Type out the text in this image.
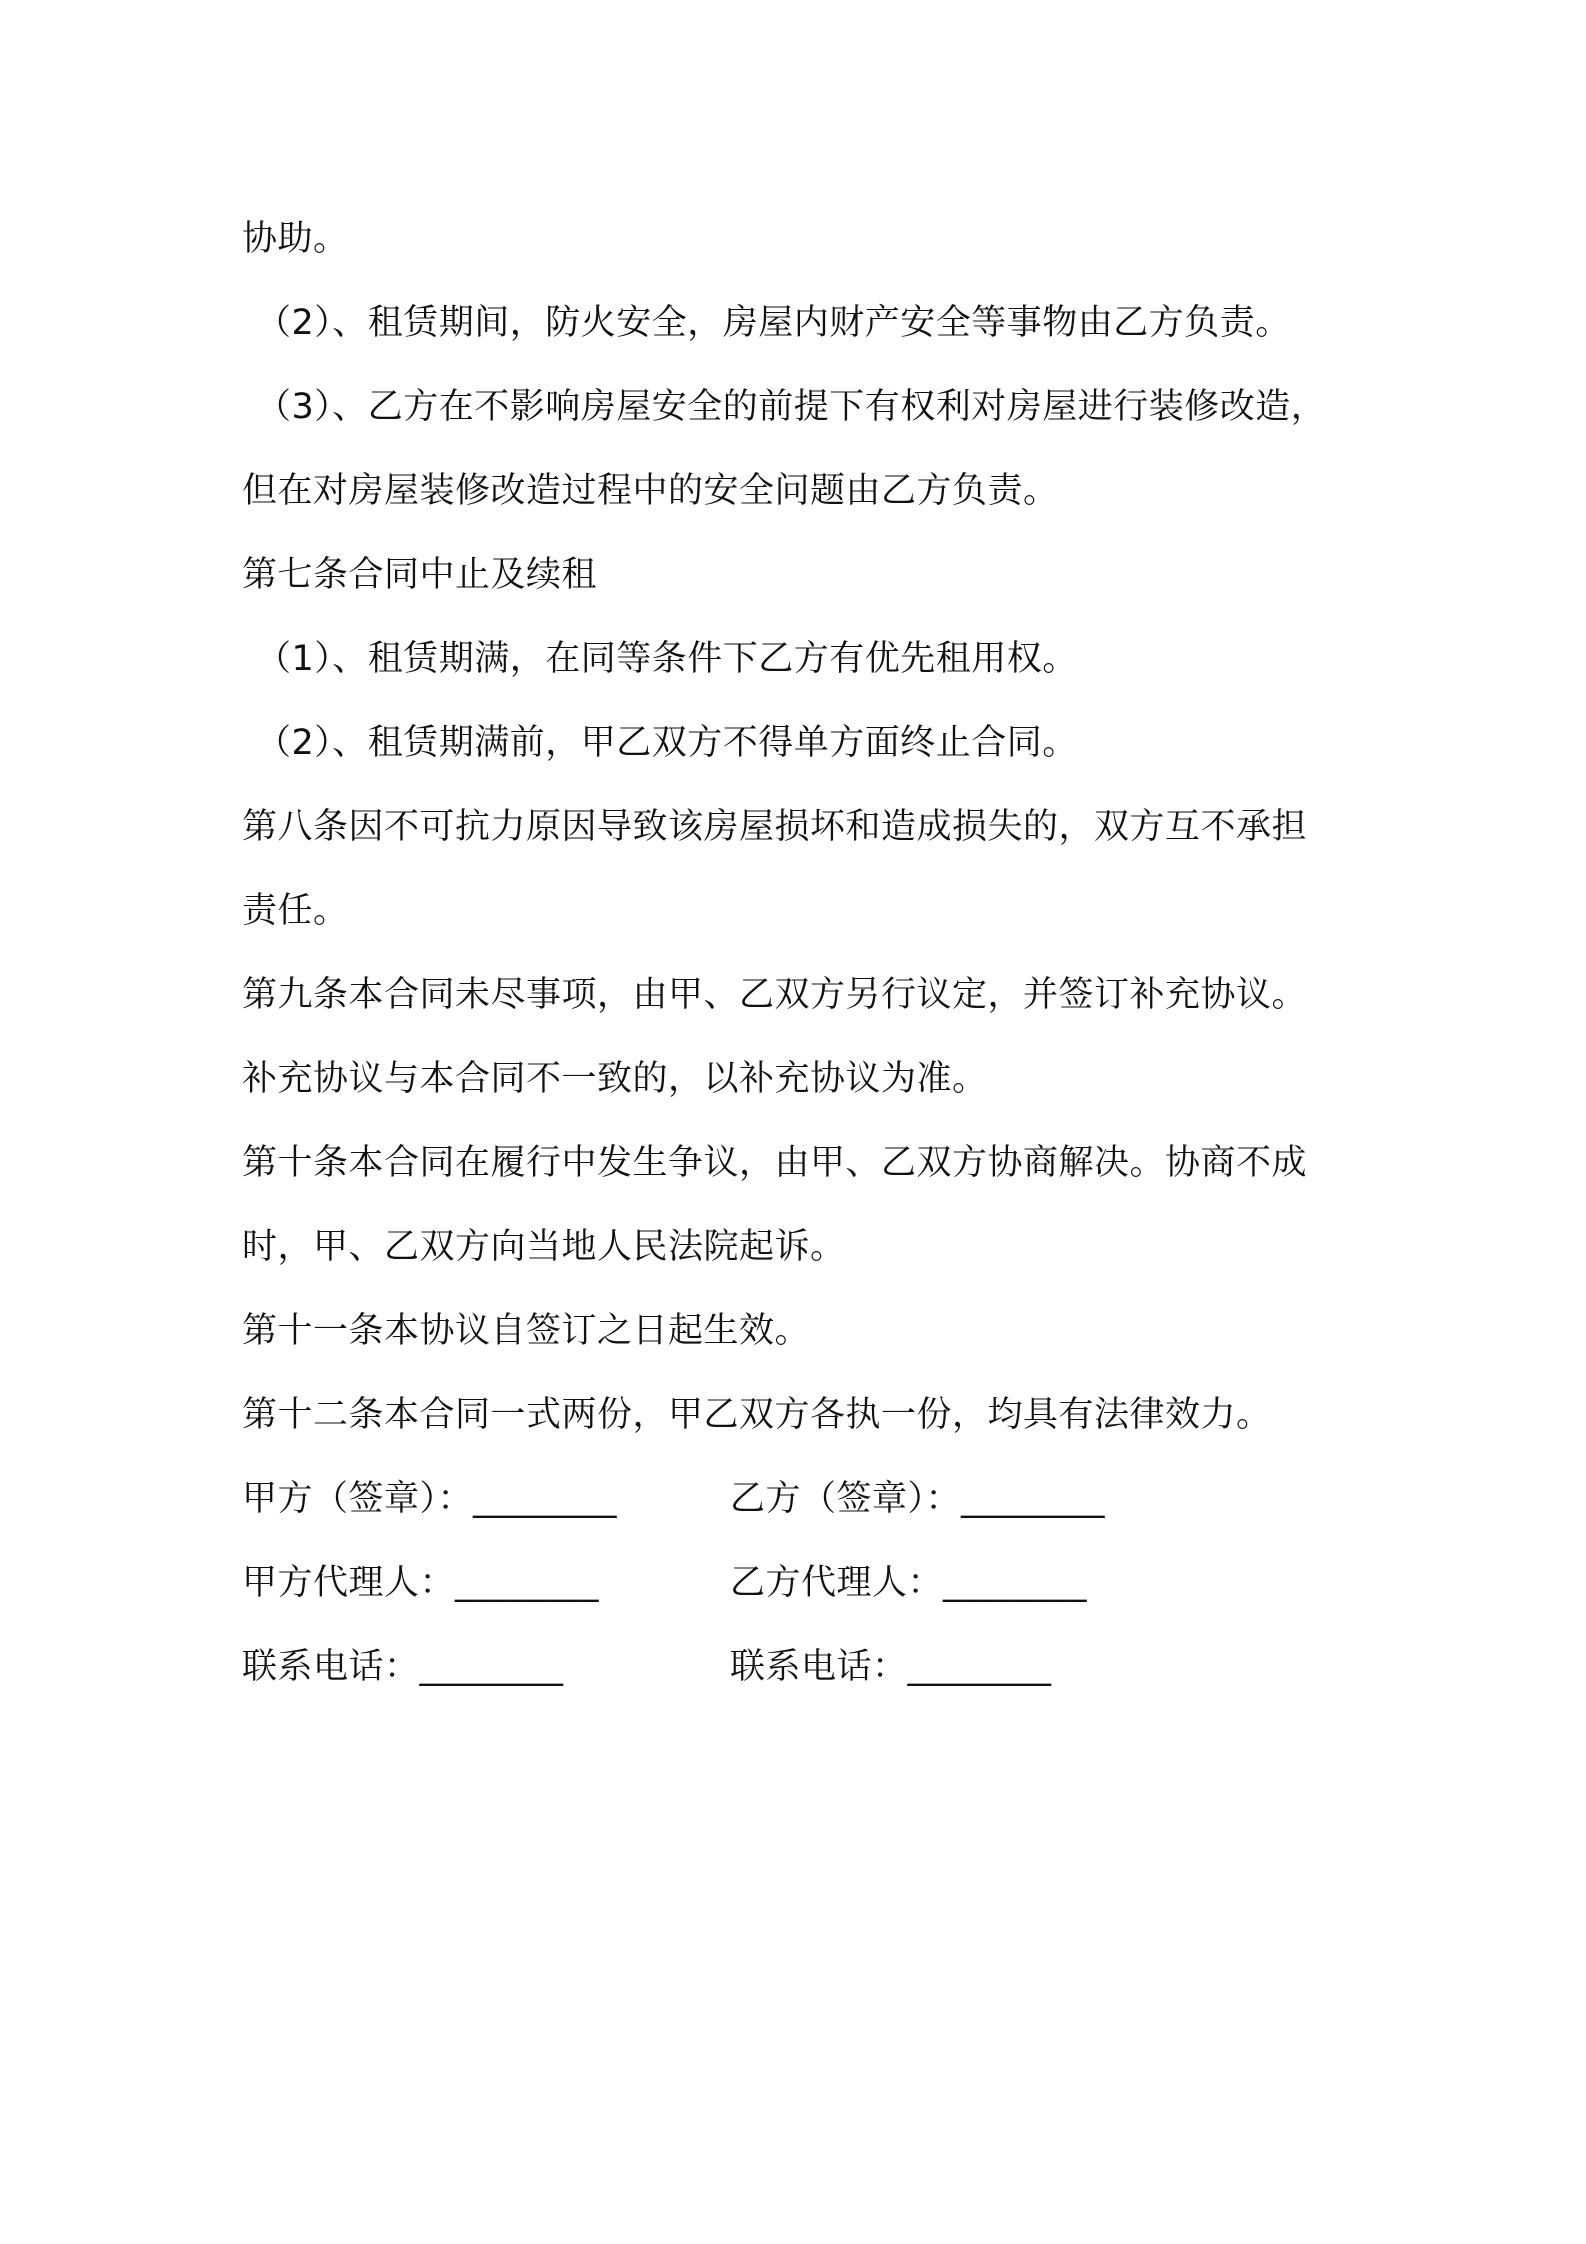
协助。
（2）、租赁期间，防火安全，房屋内财产安全等事物由乙方负责。
（3）、乙方在不影响房屋安全的前提下有权利对房屋进行装修改造，
但在对房屋装修改造过程中的安全问题由乙方负责。
第七条合同中止及续租
（1）、租赁期满，在同等条件下乙方有优先租用权。
（2）、租赁期满前，甲乙双方不得单方面终止合同。
第八条因不可抗力原因导致该房屋损坏和造成损失的，双方互不承担
责任。
第九条本合同未尽事项，由甲、乙双方另行议定，并签订补充协议。
补充协议与本合同不一致的，以补充协议为准。
第十条本合同在履行中发生争议，由甲、乙双方协商解决。协商不成
时，甲、乙双方向当地人民法院起诉。
第十一条本协议自签订之日起生效。
第十二条本合同一式两份，甲乙双方各执一份，均具有法律效力。
甲方（签章）：________	乙方（签章）：________
甲方代理人：________	乙方代理人：________
联系电话：________	联系电话：________
